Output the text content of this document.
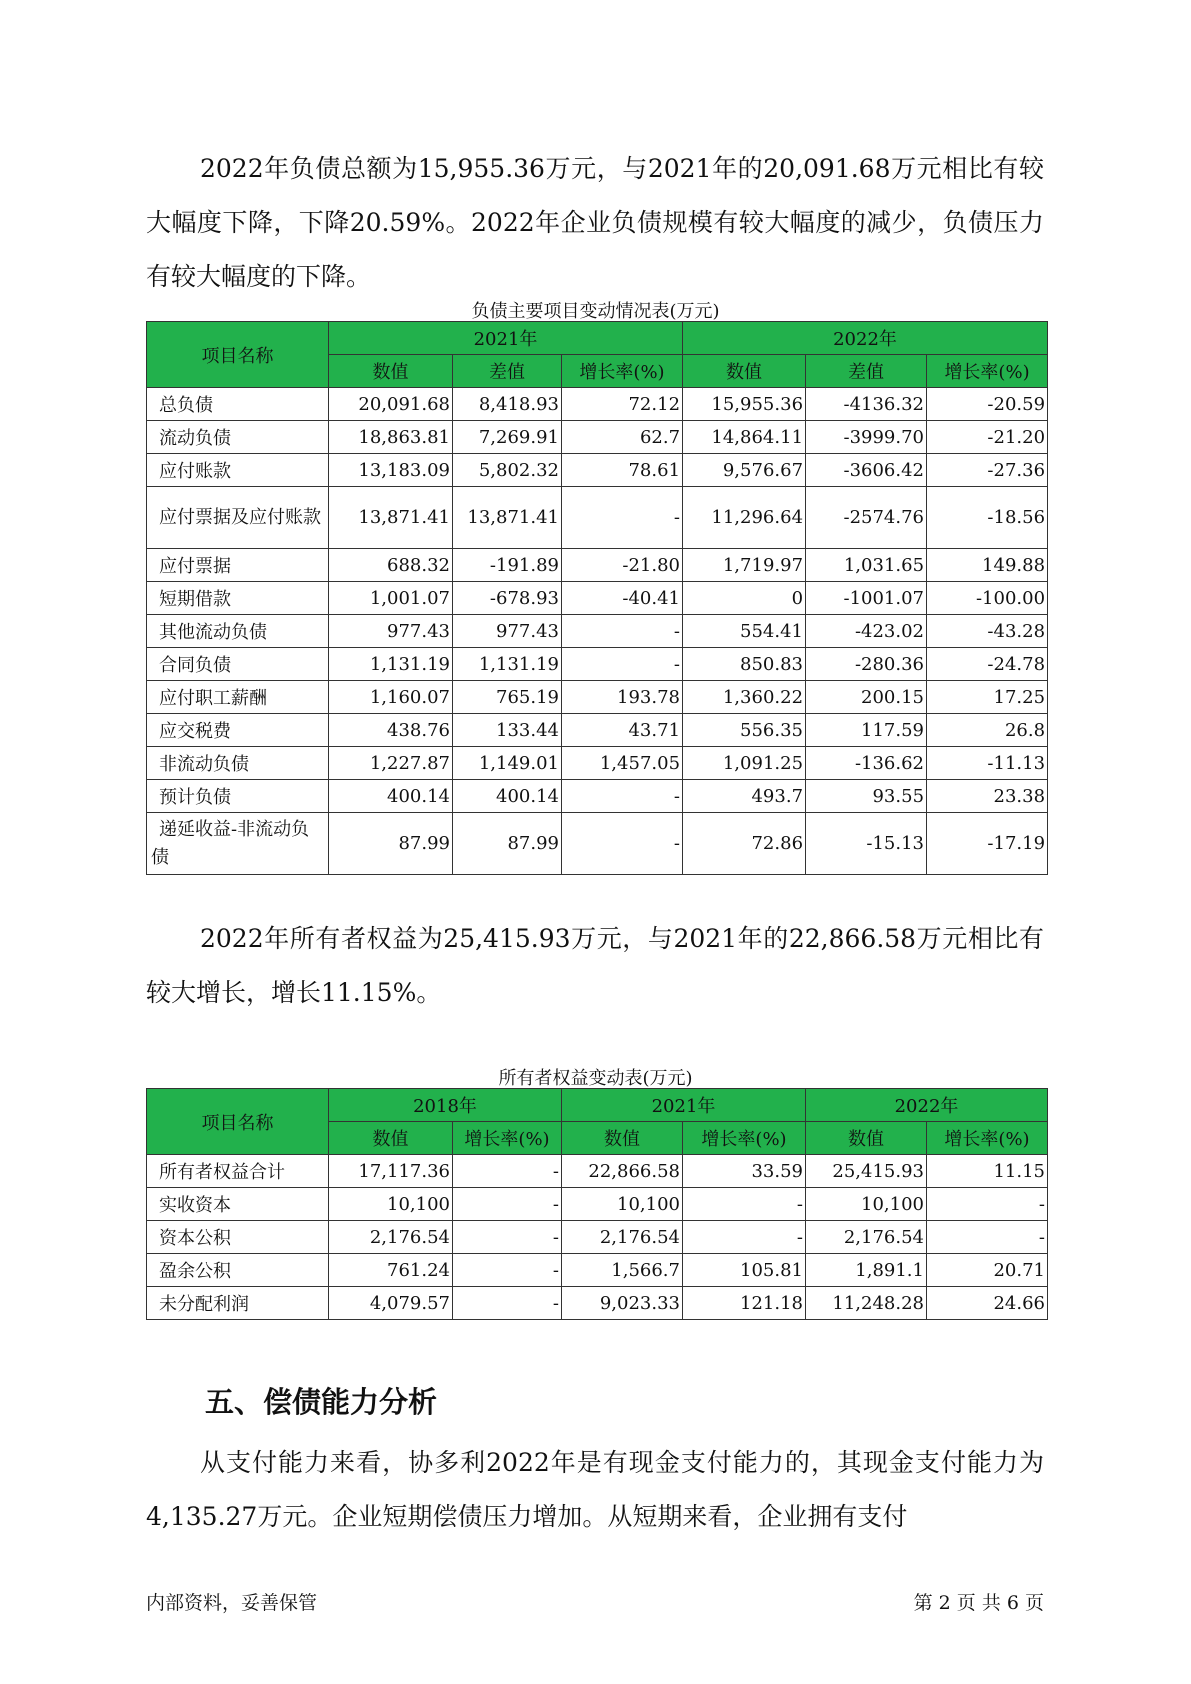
2022年负债总额为15,955.36万元，与2021年的20,091.68万元相比有较大幅度下降，下降20.59%。2022年企业负债规模有较大幅度的减少，负债压力有较大幅度的下降。

负债主要项目变动情况表(万元)

项目名称	2021年			2022年		
	数值	差值	增长率(%)	数值	差值	增长率(%)
总负债	20,091.68	8,418.93	72.12	15,955.36	-4136.32	-20.59
流动负债	18,863.81	7,269.91	62.7	14,864.11	-3999.70	-21.20
应付账款	13,183.09	5,802.32	78.61	9,576.67	-3606.42	-27.36
应付票据及应付账款	13,871.41	13,871.41	-	11,296.64	-2574.76	-18.56
应付票据	688.32	-191.89	-21.80	1,719.97	1,031.65	149.88
短期借款	1,001.07	-678.93	-40.41	0	-1001.07	-100.00
其他流动负债	977.43	977.43	-	554.41	-423.02	-43.28
合同负债	1,131.19	1,131.19	-	850.83	-280.36	-24.78
应付职工薪酬	1,160.07	765.19	193.78	1,360.22	200.15	17.25
应交税费	438.76	133.44	43.71	556.35	117.59	26.8
非流动负债	1,227.87	1,149.01	1,457.05	1,091.25	-136.62	-11.13
预计负债	400.14	400.14	-	493.7	93.55	23.38
递延收益-非流动负债	87.99	87.99	-	72.86	-15.13	-17.19

2022年所有者权益为25,415.93万元，与2021年的22,866.58万元相比有较大增长，增长11.15%。

所有者权益变动表(万元)

项目名称	2018年		2021年		2022年	
	数值	增长率(%)	数值	增长率(%)	数值	增长率(%)
所有者权益合计	17,117.36	-	22,866.58	33.59	25,415.93	11.15
实收资本	10,100	-	10,100	-	10,100	-
资本公积	2,176.54	-	2,176.54	-	2,176.54	-
盈余公积	761.24	-	1,566.7	105.81	1,891.1	20.71
未分配利润	4,079.57	-	9,023.33	121.18	11,248.28	24.66
五、偿债能力分析

从支付能力来看，协多利2022年是有现金支付能力的，其现金支付能力为4,135.27万元。企业短期偿债压力增加。从短期来看，企业拥有支付

内部资料，妥善保管	第 2 页 共 6 页
